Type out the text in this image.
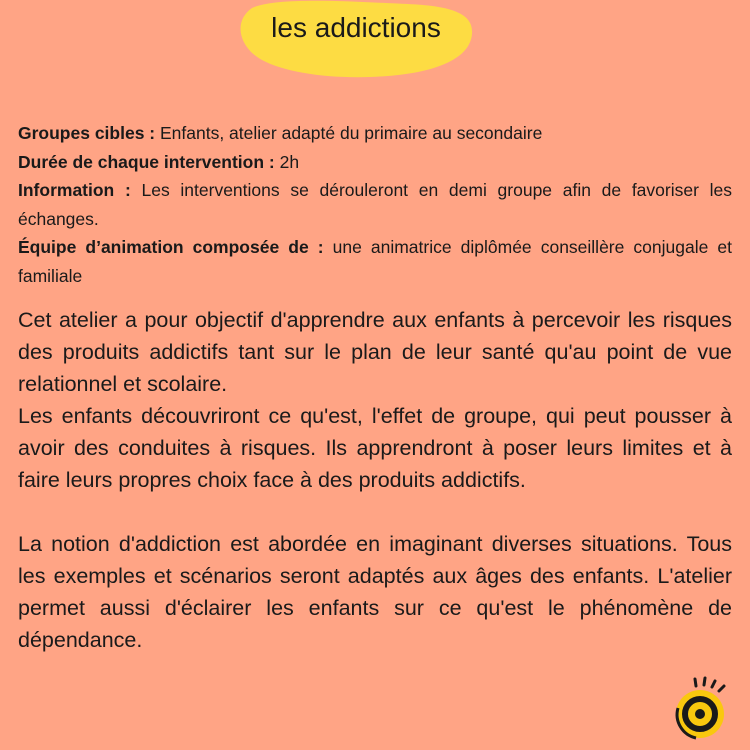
les addictions

Groupes cibles : Enfants, atelier adapté du primaire au secondaire

Durée de chaque intervention : 2h

Information : Les interventions se dérouleront en demi groupe afin de favoriser les échanges.

Équipe d’animation composée de : une animatrice diplômée conseillère conjugale et familiale

Cet atelier a pour objectif d'apprendre aux enfants à percevoir les risques des produits addictifs tant sur le plan de leur santé qu'au point de vue relationnel et scolaire.

Les enfants découvriront ce qu'est, l'effet de groupe, qui peut pousser à avoir des conduites à risques. Ils apprendront à poser leurs limites et à faire leurs propres choix face à des produits addictifs.

La notion d'addiction est abordée en imaginant diverses situations. Tous les exemples et scénarios seront adaptés aux âges des enfants. L'atelier permet aussi d'éclairer les enfants sur ce qu'est le phénomène de dépendance.
